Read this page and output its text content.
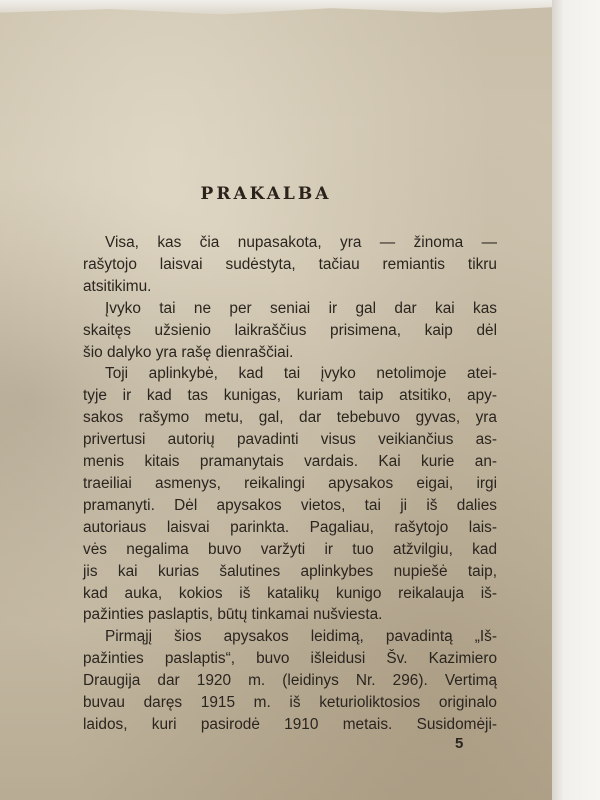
PRAKALBA
Visa, kas čia nupasakota, yra — žinoma —
rašytojo laisvai sudėstyta, tačiau remiantis tikru
atsitikimu.
Įvyko tai ne per seniai ir gal dar kai kas
skaitęs užsienio laikraščius prisimena, kaip dėl
šio dalyko yra rašę dienraščiai.
Toji aplinkybė, kad tai įvyko netolimoje atei-
tyje ir kad tas kunigas, kuriam taip atsitiko, apy-
sakos rašymo metu, gal, dar tebebuvo gyvas, yra
privertusi autorių pavadinti visus veikiančius as-
menis kitais pramanytais vardais. Kai kurie an-
traeiliai asmenys, reikalingi apysakos eigai, irgi
pramanyti. Dėl apysakos vietos, tai ji iš dalies
autoriaus laisvai parinkta. Pagaliau, rašytojo lais-
vės negalima buvo varžyti ir tuo atžvilgiu, kad
jis kai kurias šalutines aplinkybes nupiešė taip,
kad auka, kokios iš katalikų kunigo reikalauja iš-
pažinties paslaptis, būtų tinkamai nušviesta.
Pirmąjį šios apysakos leidimą, pavadintą „Iš-
pažinties paslaptis“, buvo išleidusi Šv. Kazimiero
Draugija dar 1920 m. (leidinys Nr. 296). Vertimą
buvau daręs 1915 m. iš keturioliktosios originalo
laidos, kuri pasirodė 1910 metais. Susidomėji-
5
